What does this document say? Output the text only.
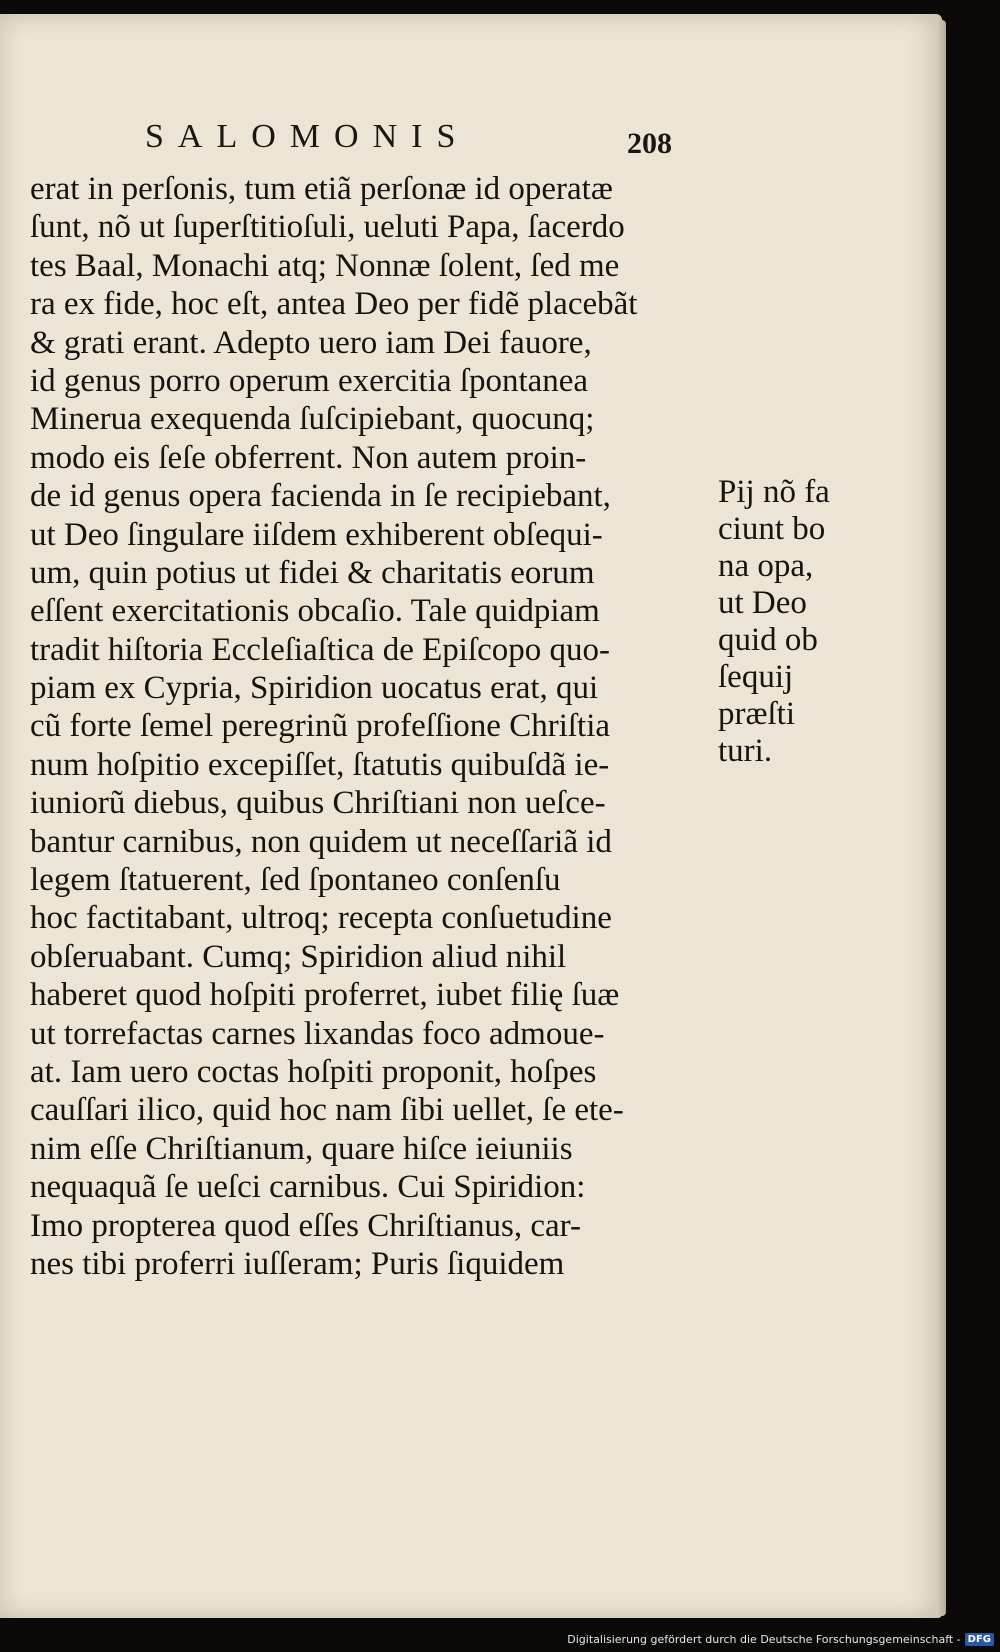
SALOMONIS	208
erat in perſonis, tum etiã perſonæ id operatæ
ſunt, nõ ut ſuperſtitioſuli, ueluti Papa, ſacerdo
tes Baal, Monachi atq; Nonnæ ſolent, ſed me
ra ex fide, hoc eſt, antea Deo per fidẽ placebãt
& grati erant. Adepto uero iam Dei fauore,
id genus porro operum exercitia ſpontanea
Minerua exequenda ſuſcipiebant, quocunq;
modo eis ſeſe obferrent. Non autem proin-
de id genus opera facienda in ſe recipiebant,
ut Deo ſingulare iiſdem exhiberent obſequi-
um, quin potius ut fidei & charitatis eorum
eſſent exercitationis obcaſio. Tale quidpiam
tradit hiſtoria Eccleſiaſtica de Epiſcopo quo-
piam ex Cypria, Spiridion uocatus erat, qui
cũ forte ſemel peregrinũ profeſſione Chriſtia
num hoſpitio excepiſſet, ſtatutis quibuſdã ie-
iuniorũ diebus, quibus Chriſtiani non ueſce-
bantur carnibus, non quidem ut neceſſariã id
legem ſtatuerent, ſed ſpontaneo conſenſu
hoc factitabant, ultroq; recepta conſuetudine
obſeruabant. Cumq; Spiridion aliud nihil
haberet quod hoſpiti proferret, iubet filię ſuæ
ut torrefactas carnes lixandas foco admoue-
at. Iam uero coctas hoſpiti proponit, hoſpes
cauſſari ilico, quid hoc nam ſibi uellet, ſe ete-
nim eſſe Chriſtianum, quare hiſce ieiuniis
nequaquã ſe ueſci carnibus. Cui Spiridion:
Imo propterea quod eſſes Chriſtianus, car-
nes tibi proferri iuſſeram; Puris ſiquidem
Pij nõ fa
ciunt bo
na opa,
ut Deo
quid ob
ſequij
præſti
turi.
Digitalisierung gefördert durch die Deutsche Forschungsgemeinschaft - DFG
